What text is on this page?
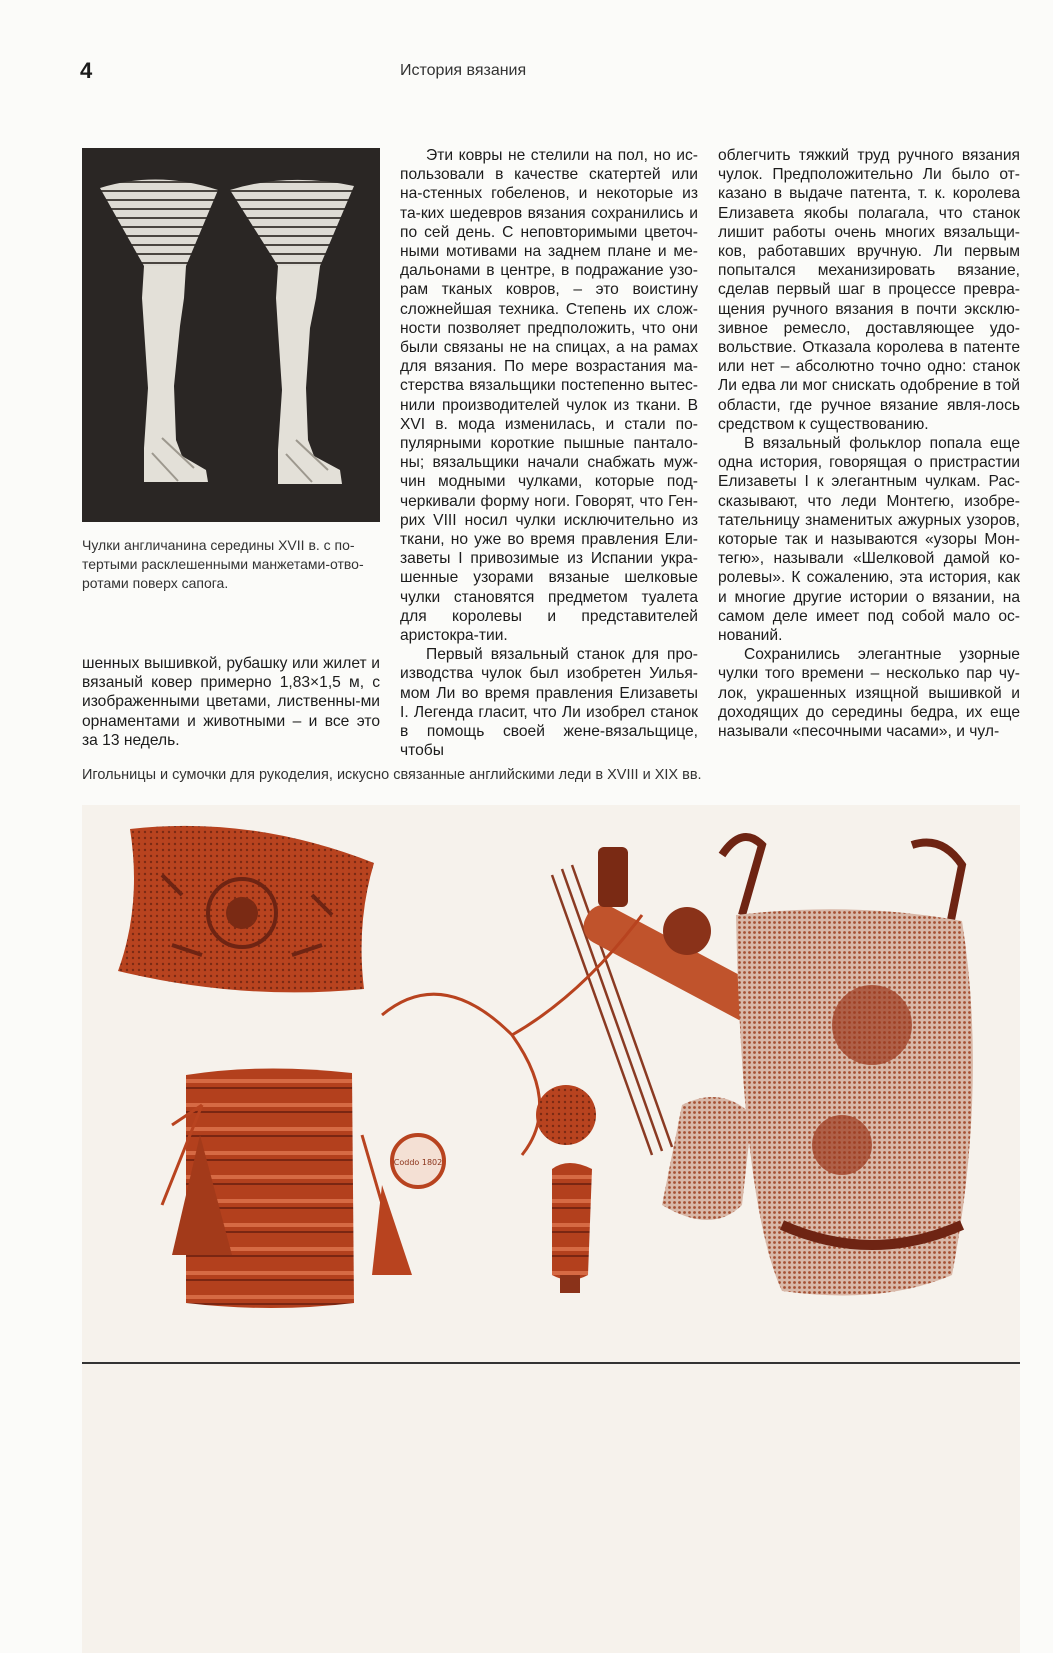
4	История вязания
Чулки англичанина середины XVII в. с по-тертыми расклешенными манжетами-отво-ротами поверх сапога.

шенных вышивкой, рубашку или жилет и вязаный ковер примерно 1,83×1,5 м, с изображенными цветами, лиственны-ми орнаментами и животными – и все это за 13 недель.

Эти ковры не стелили на пол, но ис-пользовали в качестве скатертей или на-стенных гобеленов, и некоторые из та-ких шедевров вязания сохранились и по сей день. С неповторимыми цветоч-ными мотивами на заднем плане и ме-дальонами в центре, в подражание узо-рам тканых ковров, – это воистину сложнейшая техника. Степень их слож-ности позволяет предположить, что они были связаны не на спицах, а на рамах для вязания. По мере возрастания ма-стерства вязальщики постепенно вытес-нили производителей чулок из ткани. В XVI в. мода изменилась, и стали по-пулярными короткие пышные пантало-ны; вязальщики начали снабжать муж-чин модными чулками, которые под-черкивали форму ноги. Говорят, что Ген-рих VIII носил чулки исключительно из ткани, но уже во время правления Ели-заветы I привозимые из Испании укра-шенные узорами вязаные шелковые чулки становятся предметом туалета для королевы и представителей аристокра-тии.

Первый вязальный станок для про-изводства чулок был изобретен Уилья-мом Ли во время правления Елизаветы I. Легенда гласит, что Ли изобрел станок в помощь своей жене-вязальщице, чтобы

облегчить тяжкий труд ручного вязания чулок. Предположительно Ли было от-казано в выдаче патента, т. к. королева Елизавета якобы полагала, что станок лишит работы очень многих вязальщи-ков, работавших вручную. Ли первым попытался механизировать вязание, сделав первый шаг в процессе превра-щения ручного вязания в почти эксклю-зивное ремесло, доставляющее удо-вольствие. Отказала королева в патенте или нет – абсолютно точно одно: станок Ли едва ли мог снискать одобрение в той области, где ручное вязание явля-лось средством к существованию.

В вязальный фольклор попала еще одна история, говорящая о пристрастии Елизаветы I к элегантным чулкам. Рас-сказывают, что леди Монтегю, изобре-тательницу знаменитых ажурных узоров, которые так и называются «узоры Мон-тегю», называли «Шелковой дамой ко-ролевы». К сожалению, эта история, как и многие другие истории о вязании, на самом деле имеет под собой мало ос-нований.

Сохранились элегантные узорные чулки того времени – несколько пар чу-лок, украшенных изящной вышивкой и доходящих до середины бедра, их еще называли «песочными часами», и чул-

Игольницы и сумочки для рукоделия, искусно связанные английскими леди в XVIII и XIX вв.
Coddo 1802
